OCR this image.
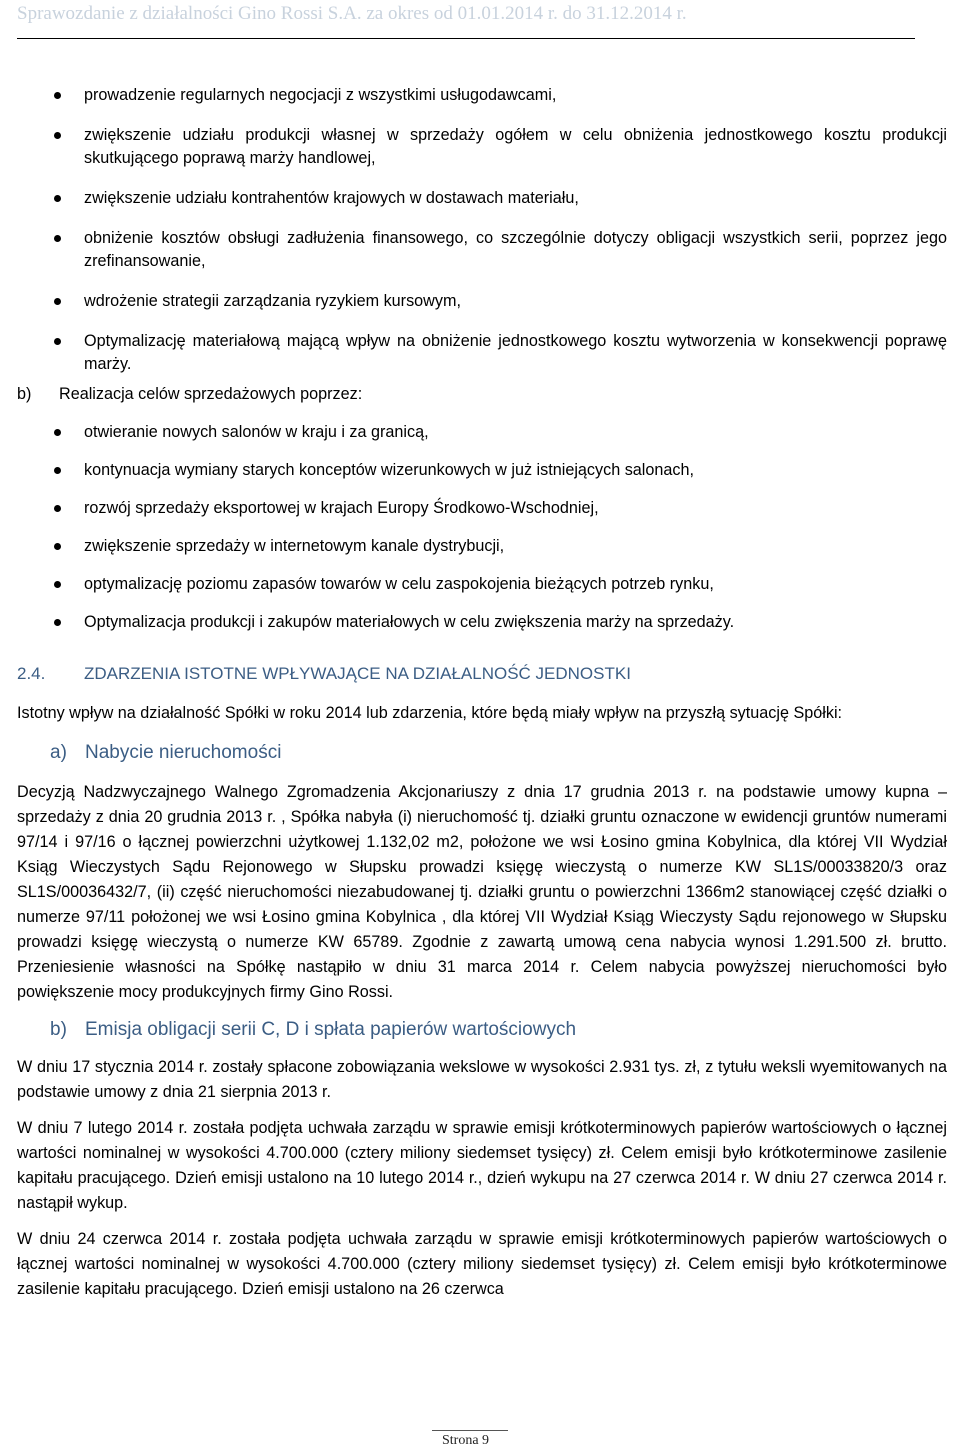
Sprawozdanie z działalności Gino Rossi S.A. za okres od 01.01.2014 r. do 31.12.2014 r.
prowadzenie regularnych negocjacji z wszystkimi usługodawcami,
zwiększenie udziału produkcji własnej w sprzedaży ogółem w celu obniżenia jednostkowego kosztu produkcji skutkującego poprawą marży handlowej,
zwiększenie udziału kontrahentów krajowych w dostawach materiału,
obniżenie kosztów obsługi zadłużenia finansowego, co szczególnie dotyczy obligacji wszystkich serii, poprzez jego zrefinansowanie,
wdrożenie strategii zarządzania ryzykiem kursowym,
Optymalizację materiałową mającą wpływ na obniżenie jednostkowego kosztu wytworzenia w konsekwencji poprawę marży.
b)	Realizacja celów sprzedażowych poprzez:
otwieranie nowych salonów w kraju i za granicą,
kontynuacja wymiany starych konceptów wizerunkowych w już istniejących salonach,
rozwój sprzedaży eksportowej w krajach Europy Środkowo-Wschodniej,
zwiększenie sprzedaży w internetowym kanale dystrybucji,
optymalizację poziomu zapasów towarów w celu zaspokojenia bieżących potrzeb rynku,
Optymalizacja produkcji i zakupów materiałowych w celu zwiększenia marży na sprzedaży.
2.4.	ZDARZENIA ISTOTNE WPŁYWAJĄCE NA DZIAŁALNOŚĆ JEDNOSTKI

Istotny wpływ na działalność Spółki w roku 2014 lub zdarzenia, które będą miały wpływ na przyszłą sytuację Spółki:

a) Nabycie nieruchomości

Decyzją Nadzwyczajnego Walnego Zgromadzenia Akcjonariuszy z dnia 17 grudnia 2013 r. na podstawie umowy kupna –sprzedaży z dnia 20 grudnia 2013 r. , Spółka nabyła (i) nieruchomość tj. działki gruntu oznaczone w ewidencji gruntów numerami 97/14 i 97/16 o łącznej powierzchni użytkowej 1.132,02 m2, położone we wsi Łosino gmina Kobylnica, dla której VII Wydział Ksiąg Wieczystych Sądu Rejonowego w Słupsku prowadzi księgę wieczystą o numerze KW SL1S/00033820/3 oraz SL1S/00036432/7, (ii) część nieruchomości niezabudowanej tj. działki gruntu o powierzchni 1366m2 stanowiącej część działki o numerze 97/11 położonej we wsi Łosino gmina Kobylnica , dla której VII Wydział Ksiąg Wieczysty Sądu rejonowego w Słupsku prowadzi księgę wieczystą o numerze KW 65789. Zgodnie z zawartą umową cena nabycia wynosi 1.291.500 zł. brutto. Przeniesienie własności na Spółkę nastąpiło w dniu 31 marca 2014 r. Celem nabycia powyższej nieruchomości było powiększenie mocy produkcyjnych firmy Gino Rossi.

b) Emisja obligacji serii C, D i spłata papierów wartościowych

W dniu 17 stycznia 2014 r. zostały spłacone zobowiązania wekslowe w wysokości 2.931 tys. zł, z tytułu weksli wyemitowanych na podstawie umowy z dnia 21 sierpnia 2013 r.

W dniu 7 lutego 2014 r. została podjęta uchwała zarządu w sprawie emisji krótkoterminowych papierów wartościowych o łącznej wartości nominalnej w wysokości 4.700.000 (cztery miliony siedemset tysięcy) zł. Celem emisji było krótkoterminowe zasilenie kapitału pracującego. Dzień emisji ustalono na 10 lutego 2014 r., dzień wykupu na 27 czerwca 2014 r. W dniu 27 czerwca 2014 r. nastąpił wykup.

W dniu 24 czerwca 2014 r. została podjęta uchwała zarządu w sprawie emisji krótkoterminowych papierów wartościowych o łącznej wartości nominalnej w wysokości 4.700.000 (cztery miliony siedemset tysięcy) zł. Celem emisji było krótkoterminowe zasilenie kapitału pracującego. Dzień emisji ustalono na 26 czerwca

Strona 9
